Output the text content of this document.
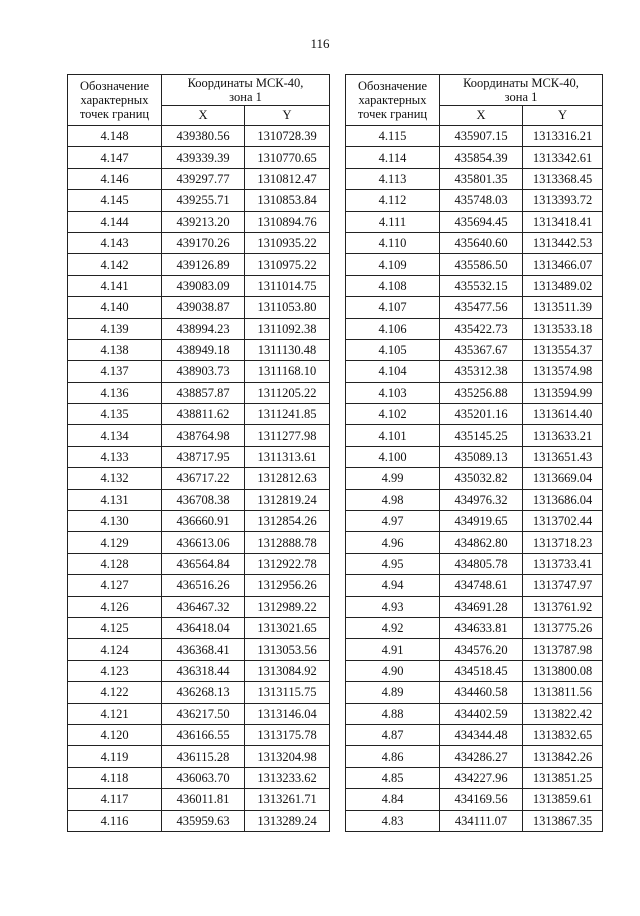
116
Обозначение
характерных
точек границ	Координаты МСК-40,
зона 1	
	X	Y
4.148	439380.56	1310728.39
4.147	439339.39	1310770.65
4.146	439297.77	1310812.47
4.145	439255.71	1310853.84
4.144	439213.20	1310894.76
4.143	439170.26	1310935.22
4.142	439126.89	1310975.22
4.141	439083.09	1311014.75
4.140	439038.87	1311053.80
4.139	438994.23	1311092.38
4.138	438949.18	1311130.48
4.137	438903.73	1311168.10
4.136	438857.87	1311205.22
4.135	438811.62	1311241.85
4.134	438764.98	1311277.98
4.133	438717.95	1311313.61
4.132	436717.22	1312812.63
4.131	436708.38	1312819.24
4.130	436660.91	1312854.26
4.129	436613.06	1312888.78
4.128	436564.84	1312922.78
4.127	436516.26	1312956.26
4.126	436467.32	1312989.22
4.125	436418.04	1313021.65
4.124	436368.41	1313053.56
4.123	436318.44	1313084.92
4.122	436268.13	1313115.75
4.121	436217.50	1313146.04
4.120	436166.55	1313175.78
4.119	436115.28	1313204.98
4.118	436063.70	1313233.62
4.117	436011.81	1313261.71
4.116	435959.63	1313289.24
Обозначение
характерных
точек границ	Координаты МСК-40,
зона 1	
	X	Y
4.115	435907.15	1313316.21
4.114	435854.39	1313342.61
4.113	435801.35	1313368.45
4.112	435748.03	1313393.72
4.111	435694.45	1313418.41
4.110	435640.60	1313442.53
4.109	435586.50	1313466.07
4.108	435532.15	1313489.02
4.107	435477.56	1313511.39
4.106	435422.73	1313533.18
4.105	435367.67	1313554.37
4.104	435312.38	1313574.98
4.103	435256.88	1313594.99
4.102	435201.16	1313614.40
4.101	435145.25	1313633.21
4.100	435089.13	1313651.43
4.99	435032.82	1313669.04
4.98	434976.32	1313686.04
4.97	434919.65	1313702.44
4.96	434862.80	1313718.23
4.95	434805.78	1313733.41
4.94	434748.61	1313747.97
4.93	434691.28	1313761.92
4.92	434633.81	1313775.26
4.91	434576.20	1313787.98
4.90	434518.45	1313800.08
4.89	434460.58	1313811.56
4.88	434402.59	1313822.42
4.87	434344.48	1313832.65
4.86	434286.27	1313842.26
4.85	434227.96	1313851.25
4.84	434169.56	1313859.61
4.83	434111.07	1313867.35
